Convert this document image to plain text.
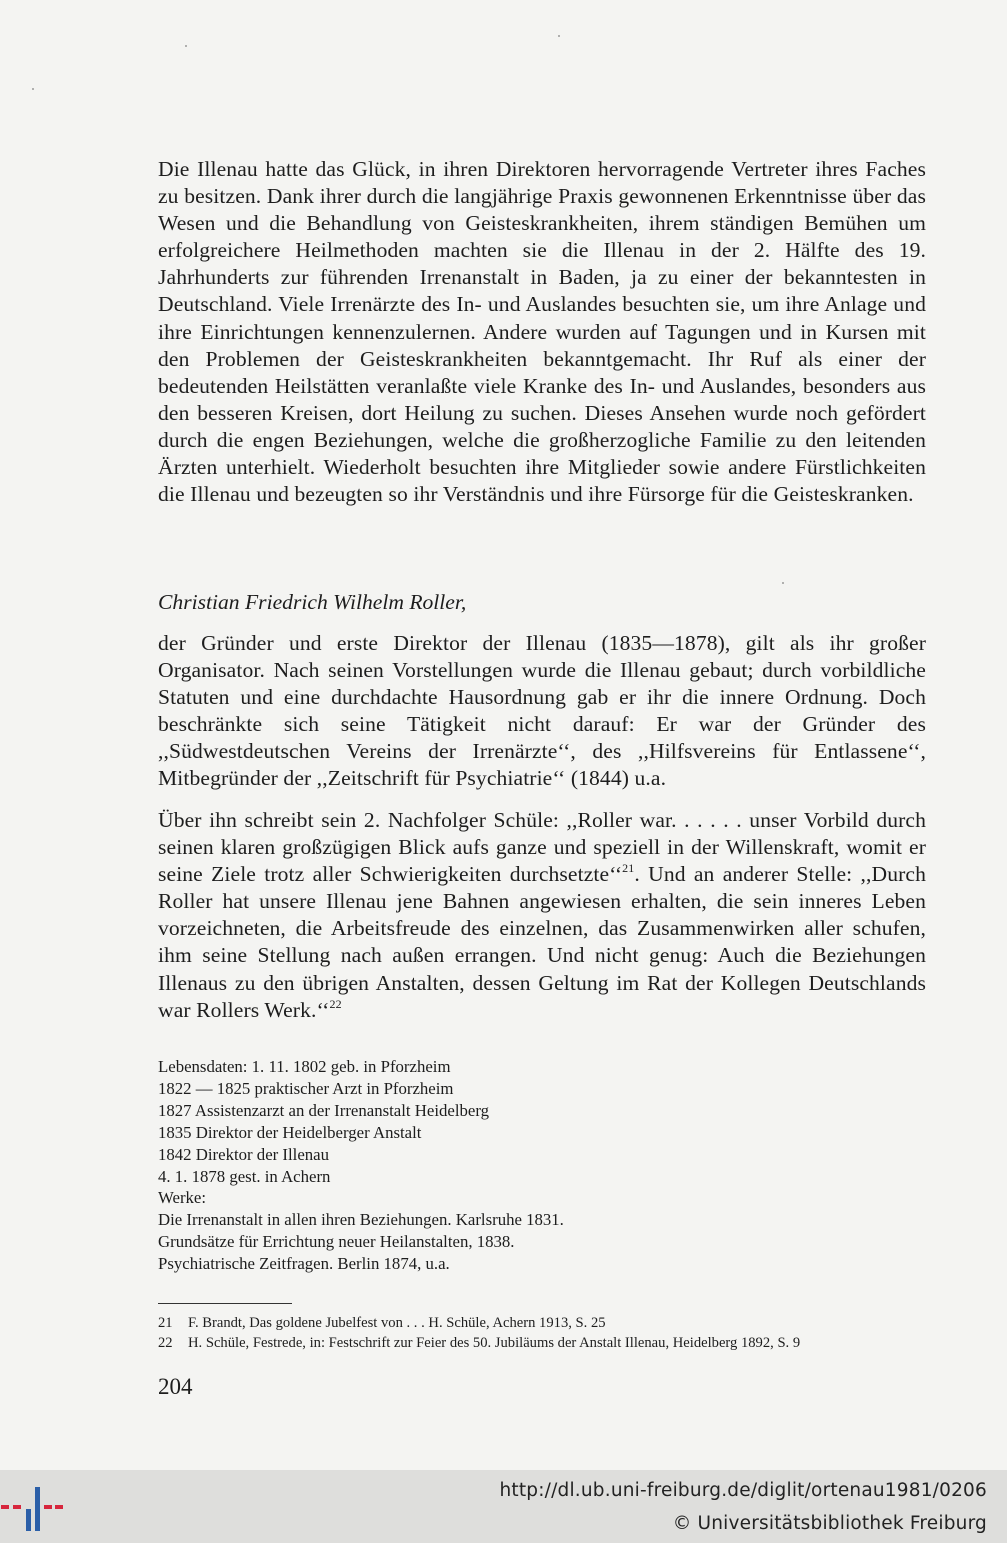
Die Illenau hatte das Glück, in ihren Direktoren hervorragende Vertreter ihres Faches zu besitzen. Dank ihrer durch die langjährige Praxis gewonnenen Erkenntnisse über das Wesen und die Behandlung von Geisteskrankheiten, ihrem ständigen Bemühen um erfolgreichere Heilmethoden machten sie die Illenau in der 2. Hälfte des 19. Jahrhunderts zur führenden Irrenanstalt in Baden, ja zu einer der bekanntesten in Deutschland. Viele Irrenärzte des In- und Auslandes besuchten sie, um ihre Anlage und ihre Einrichtungen kennenzulernen. Andere wurden auf Tagungen und in Kursen mit den Problemen der Geisteskrankheiten bekanntgemacht. Ihr Ruf als einer der bedeutenden Heilstätten veranlaßte viele Kranke des In- und Auslandes, besonders aus den besseren Kreisen, dort Heilung zu suchen. Dieses Ansehen wurde noch gefördert durch die engen Beziehungen, welche die großherzogliche Familie zu den leitenden Ärzten unterhielt. Wiederholt besuchten ihre Mitglieder sowie andere Fürstlichkeiten die Illenau und bezeugten so ihr Verständnis und ihre Fürsorge für die Geisteskranken.

Christian Friedrich Wilhelm Roller,

der Gründer und erste Direktor der Illenau (1835—1878), gilt als ihr großer Organisator. Nach seinen Vorstellungen wurde die Illenau gebaut; durch vorbildliche Statuten und eine durchdachte Hausordnung gab er ihr die innere Ordnung. Doch beschränkte sich seine Tätigkeit nicht darauf: Er war der Gründer des ,,Südwestdeutschen Vereins der Irrenärzte‘‘, des ,,Hilfsvereins für Entlassene‘‘, Mitbegründer der ,,Zeitschrift für Psychiatrie‘‘ (1844) u.a.

Über ihn schreibt sein 2. Nachfolger Schüle: ,,Roller war. . . . . . unser Vorbild durch seinen klaren großzügigen Blick aufs ganze und speziell in der Willenskraft, womit er seine Ziele trotz aller Schwierigkeiten durchsetzte‘‘$^{21}$. Und an anderer Stelle: ,,Durch Roller hat unsere Illenau jene Bahnen angewiesen erhalten, die sein inneres Leben vorzeichneten, die Arbeitsfreude des einzelnen, das Zusammenwirken aller schufen, ihm seine Stellung nach außen errangen. Und nicht genug: Auch die Beziehungen Illenaus zu den übrigen Anstalten, dessen Geltung im Rat der Kollegen Deutschlands war Rollers Werk.‘‘$^{22}$

Lebensdaten: 1. 11. 1802 geb. in Pforzheim
1822 — 1825 praktischer Arzt in Pforzheim
1827 Assistenzarzt an der Irrenanstalt Heidelberg
1835 Direktor der Heidelberger Anstalt
1842 Direktor der Illenau
4. 1. 1878 gest. in Achern
Werke:
Die Irrenanstalt in allen ihren Beziehungen. Karlsruhe 1831.
Grundsätze für Errichtung neuer Heilanstalten, 1838.
Psychiatrische Zeitfragen. Berlin 1874, u.a.
21 F. Brandt, Das goldene Jubelfest von . . . H. Schüle, Achern 1913, S. 25
22 H. Schüle, Festrede, in: Festschrift zur Feier des 50. Jubiläums der Anstalt Illenau, Heidelberg 1892, S. 9

204

http://dl.ub.uni-freiburg.de/diglit/ortenau1981/0206

© Universitätsbibliothek Freiburg
